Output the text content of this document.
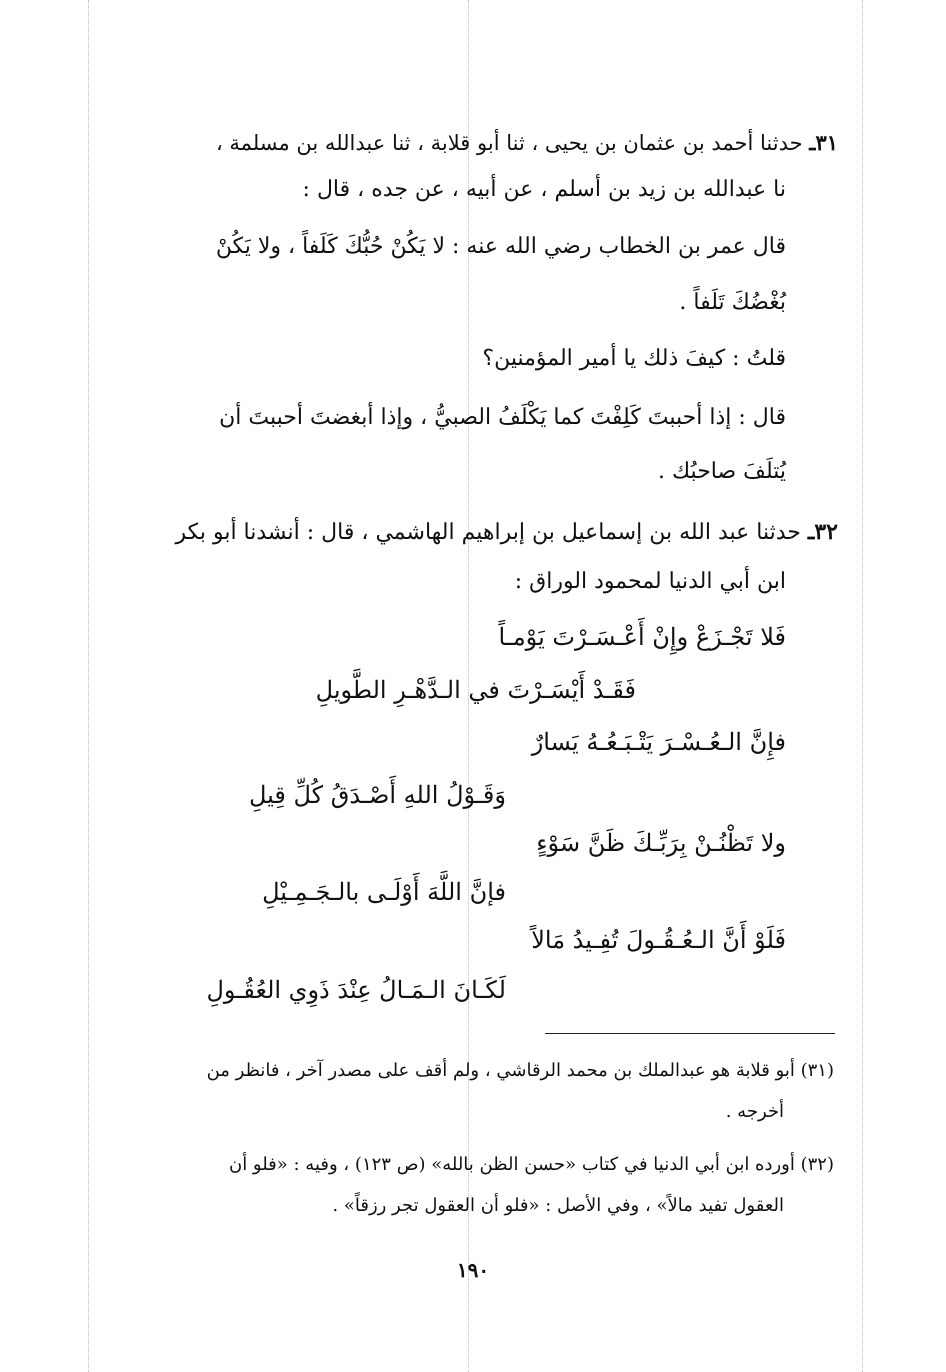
٣١ـ حدثنا أحمد بن عثمان بن يحيى ، ثنا أبو قلابة ، ثنا عبدالله بن مسلمة ،
نا عبدالله بن زيد بن أسلم ، عن أبيه ، عن جده ، قال :
قال عمر بن الخطاب رضي الله عنه : لا يَكُنْ حُبُّكَ كَلَفاً ، ولا يَكُنْ
بُغْضُكَ تَلَفاً .
قلتُ : كيفَ ذلك يا أمير المؤمنين؟
قال : إذا أحببتَ كَلِفْتَ كما يَكْلَفُ الصبيُّ ، وإذا أبغضتَ أحببتَ أن
يُتلَفَ صاحبُك .
٣٢ـ حدثنا عبد الله بن إسماعيل بن إبراهيم الهاشمي ، قال : أنشدنا أبو بكر
ابن أبي الدنيا لمحمود الوراق :
فَلا تَجْـزَعْ وإِنْ أَعْـسَـرْتَ يَوْمـاً
فَقَـدْ أَيْسَـرْتَ في الـدَّهْـرِ الطَّويلِ
فإِنَّ الـعُـسْـرَ يَتْـبَـعُـهُ يَسارٌ
وَقَـوْلُ اللهِ أَصْـدَقُ كُلِّ قِيلِ
ولا تَظْنُـنْ بِرَبِّـكَ ظَنَّ سَوْءٍ
فإنَّ اللَّهَ أَوْلَـى بالـجَـمِـيْلِ
فَلَوْ أَنَّ الـعُـقُـولَ تُفِـيدُ مَالاً
لَكَـانَ الـمَـالُ عِنْدَ ذَوِي العُقُـولِ
(٣١) أبو قلابة هو عبدالملك بن محمد الرقاشي ، ولم أقف على مصدر آخر ، فانظر من
أخرجه .
(٣٢) أورده ابن أبي الدنيا في كتاب «حسن الظن بالله» (ص ١٢٣) ، وفيه : «فلو أن
العقول تفيد مالاً» ، وفي الأصل : «فلو أن العقول تجر رزقاً» .
١٩٠
